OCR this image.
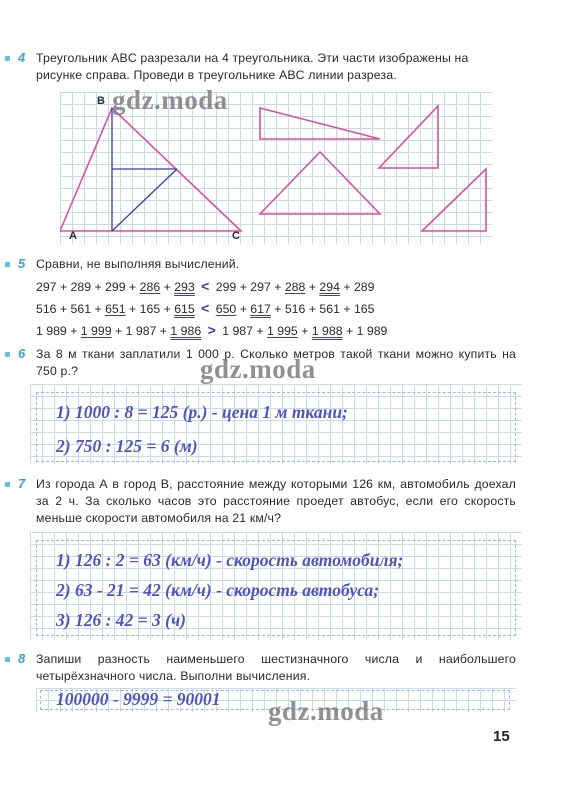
4 Треугольник ABC разрезали на 4 треугольника. Эти части изображены на рисунке справа. Проведи в треугольнике ABC линии разреза.
B
A	C
5 Сравни, не выполняя вычислений.
297 + 289 + 299 + 286 + 293 < 299 + 297 + 288 + 294 + 289
516 + 561 + 651 + 165 + 615 < 650 + 617 + 516 + 561 + 165
1 989 + 1 999 + 1 987 + 1 986 > 1 987 + 1 995 + 1 988 + 1 989
6 За 8 м ткани заплатили 1 000 р. Сколько метров такой ткани можно купить на 750 р.?
1) 1000 : 8 = 125 (р.) - цена 1 м ткани;
2) 750 : 125 = 6 (м)
7 Из города А в город В, расстояние между которыми 126 км, автомобиль доехал за 2 ч. За сколько часов это расстояние проедет автобус, если его скорость меньше скорости автомобиля на 21 км/ч?
1) 126 : 2 = 63 (км/ч) - скорость автомобиля;
2) 63 - 21 = 42 (км/ч) - скорость автобуса;
3) 126 : 42 = 3 (ч)
8 Запиши разность наименьшего шестизначного числа и наибольшего четырёхзначного числа. Выполни вычисления.
100000 - 9999 = 90001
gdz.moda
gdz.moda
gdz.moda
15
